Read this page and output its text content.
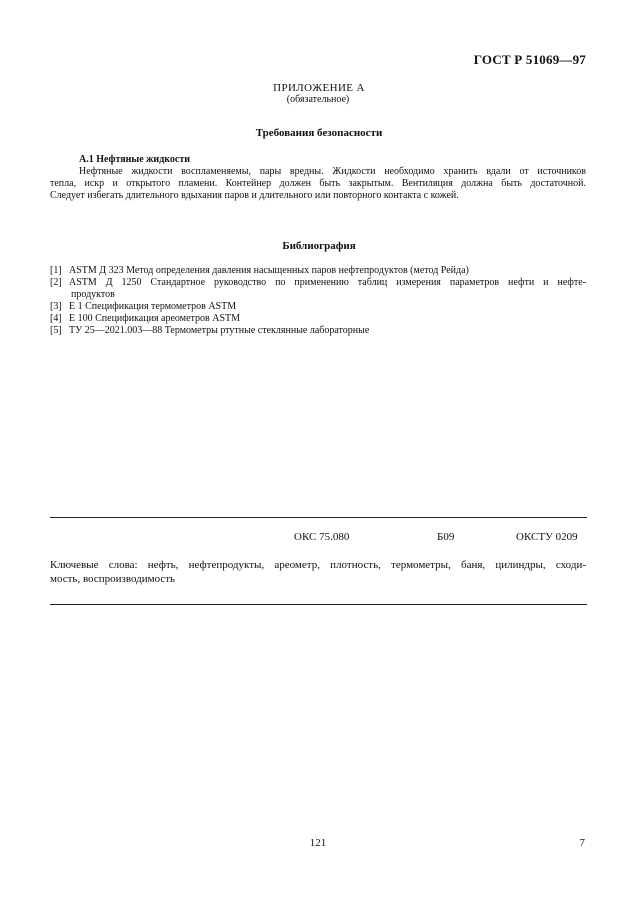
ГОСТ Р 51069—97
ПРИЛОЖЕНИЕ А
(обязательное)
Требования безопасности
А.1 Нефтяные жидкости
Нефтяные жидкости воспламеняемы, пары вредны. Жидкости необходимо хранить вдали от источников
тепла, искр и открытого пламени. Контейнер должен быть закрытым. Вентиляция должна быть достаточной.
Следует избегать длительного вдыхания паров и длительного или повторного контакта с кожей.
Библиография
[1] ASTM Д 323 Метод определения давления насыщенных паров нефтепродуктов (метод Рейда)
[2] ASTM Д 1250 Стандартное руководство по применению таблиц измерения параметров нефти и нефте-
продуктов
[3] Е 1 Спецификация термометров ASTM
[4] Е 100 Спецификация ареометров ASTM
[5] ТУ 25—2021.003—88 Термометры ртутные стеклянные лабораторные
ОКС 75.080	Б09	ОКСТУ 0209
Ключевые слова: нефть, нефтепродукты, ареометр, плотность, термометры, баня, цилиндры, сходи-
мость, воспроизводимость
121	7
